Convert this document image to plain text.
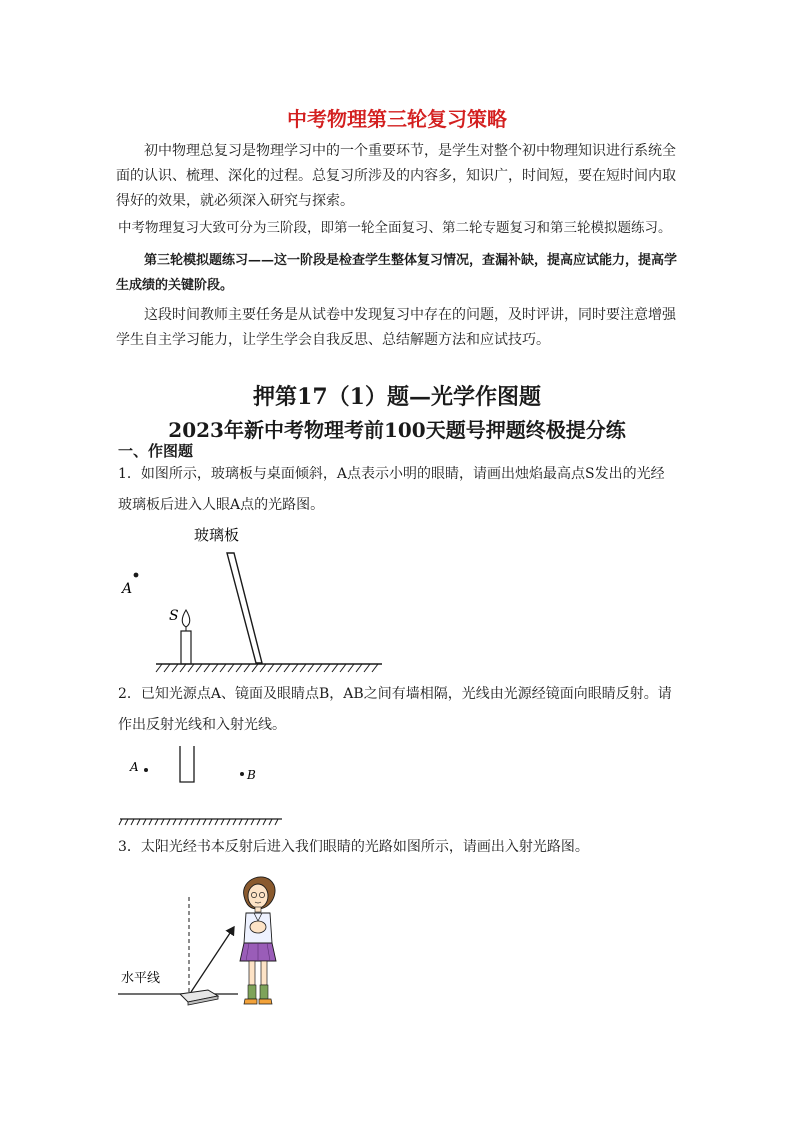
中考物理第三轮复习策略
初中物理总复习是物理学习中的一个重要环节，是学生对整个初中物理知识进行系统全面的认识、梳理、深化的过程。总复习所涉及的内容多，知识广，时间短，要在短时间内取得好的效果，就必须深入研究与探索。
中考物理复习大致可分为三阶段，即第一轮全面复习、第二轮专题复习和第三轮模拟题练习。
第三轮模拟题练习——这一阶段是检查学生整体复习情况，查漏补缺，提高应试能力，提高学生成绩的关键阶段。
这段时间教师主要任务是从试卷中发现复习中存在的问题，及时评讲，同时要注意增强学生自主学习能力，让学生学会自我反思、总结解题方法和应试技巧。
押第17（1）题—光学作图题
2023年新中考物理考前100天题号押题终极提分练
一、作图题
1．如图所示，玻璃板与桌面倾斜，A点表示小明的眼睛，请画出烛焰最高点S发出的光经玻璃板后进入人眼A点的光路图。
玻璃板
A
S
2．已知光源点A、镜面及眼睛点B，AB之间有墙相隔，光线由光源经镜面向眼睛反射。请作出反射光线和入射光线。
A
B
3．太阳光经书本反射后进入我们眼睛的光路如图所示，请画出入射光路图。
水平线
